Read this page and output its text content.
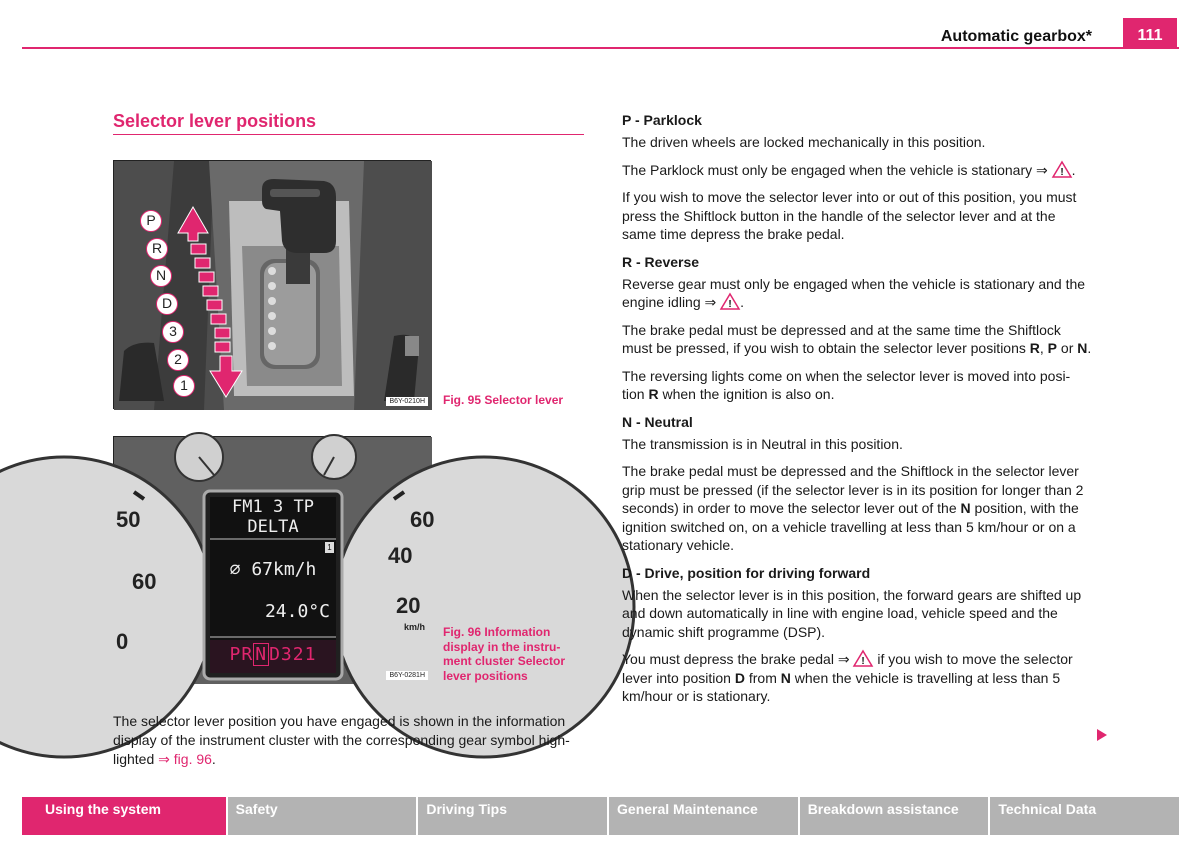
Automatic gearbox*	111
Selector lever positions
P
R
N
D
3
2
1
B6Y-0210H Fig. 95 Selector lever
FM1 3 TP
DELTA
1
⌀ 67km/h
24.0°C
PR N D321
50
60
0
60
40
20
km/h
B6Y-0281H
Fig. 96 Information
display in the instru-
ment cluster Selector
lever positions
The selector lever position you have engaged is shown in the information display of the instrument cluster with the corresponding gear symbol high-lighted ⇒ fig. 96.
P - Parklock

The driven wheels are locked mechanically in this position.

The Parklock must only be engaged when the vehicle is stationary ⇒ ! .

If you wish to move the selector lever into or out of this position, you must press the Shiftlock button in the handle of the selector lever and at the same time depress the brake pedal.

R - Reverse

Reverse gear must only be engaged when the vehicle is stationary and the engine idling ⇒ ! .

The brake pedal must be depressed and at the same time the Shiftlock must be pressed, if you wish to obtain the selector lever positions R, P or N.

The reversing lights come on when the selector lever is moved into posi-tion R when the ignition is also on.

N - Neutral

The transmission is in Neutral in this position.

The brake pedal must be depressed and the Shiftlock in the selector lever grip must be pressed (if the selector lever is in its position for longer than 2 seconds) in order to move the selector lever out of the N position, with the ignition switched on, on a vehicle travelling at less than 5 km/hour or on a stationary vehicle.

D - Drive, position for driving forward

When the selector lever is in this position, the forward gears are shifted up and down automatically in line with engine load, vehicle speed and the dynamic shift programme (DSP).

You must depress the brake pedal ⇒ ! if you wish to move the selector lever into position D from N when the vehicle is travelling at less than 5 km/hour or is stationary.

Using the system	Safety	Driving Tips	General Maintenance	Breakdown assistance	Technical Data
